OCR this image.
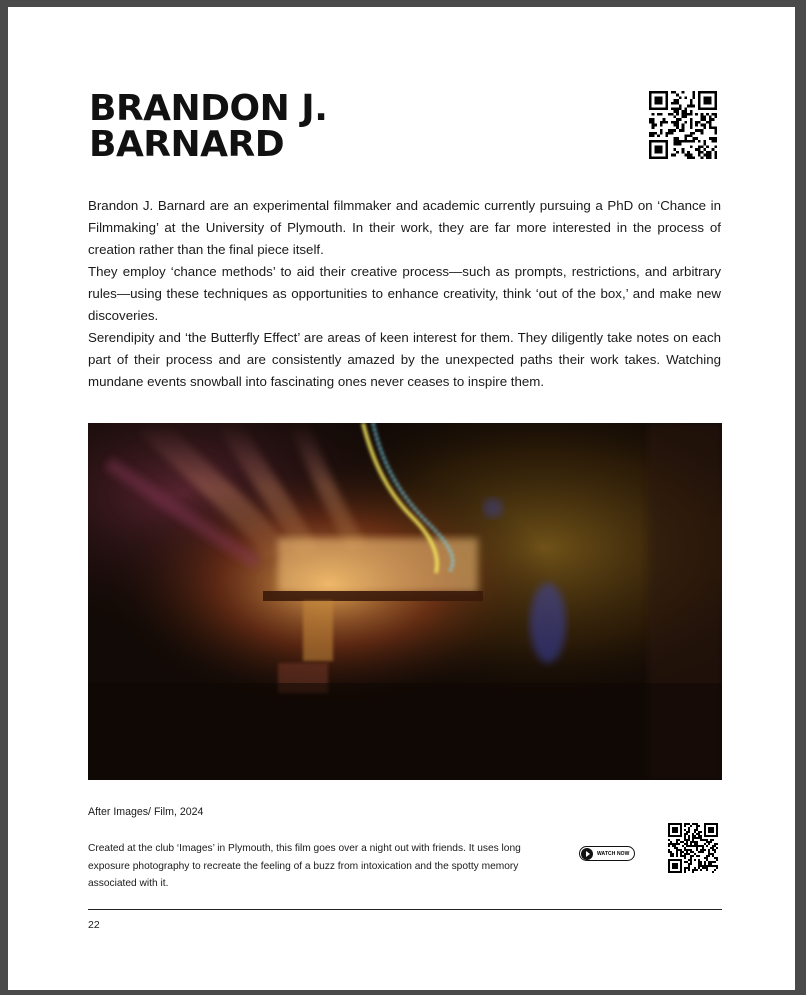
BRANDON J.
BARNARD

Brandon J. Barnard are an experimental filmmaker and academic currently pursuing a PhD on ‘Chance in Filmmaking’ at the University of Plymouth. In their work, they are far more interested in the process of creation rather than the final piece itself.

They employ ‘chance methods’ to aid their creative process—such as prompts, restrictions, and arbitrary rules—using these techniques as opportunities to enhance creativity, think ‘out of the box,’ and make new discoveries.

Serendipity and ‘the Butterfly Effect’ are areas of keen interest for them. They diligently take notes on each part of their process and are consistently amazed by the unexpected paths their work takes. Watching mundane events snowball into fascinating ones never ceases to inspire them.

After Images/ Film, 2024
Created at the club ‘Images’ in Plymouth, this film goes over a night out with friends. It uses long exposure photography to recreate the feeling of a buzz from intoxication and the spotty memory associated with it.
WATCH NOW
22
